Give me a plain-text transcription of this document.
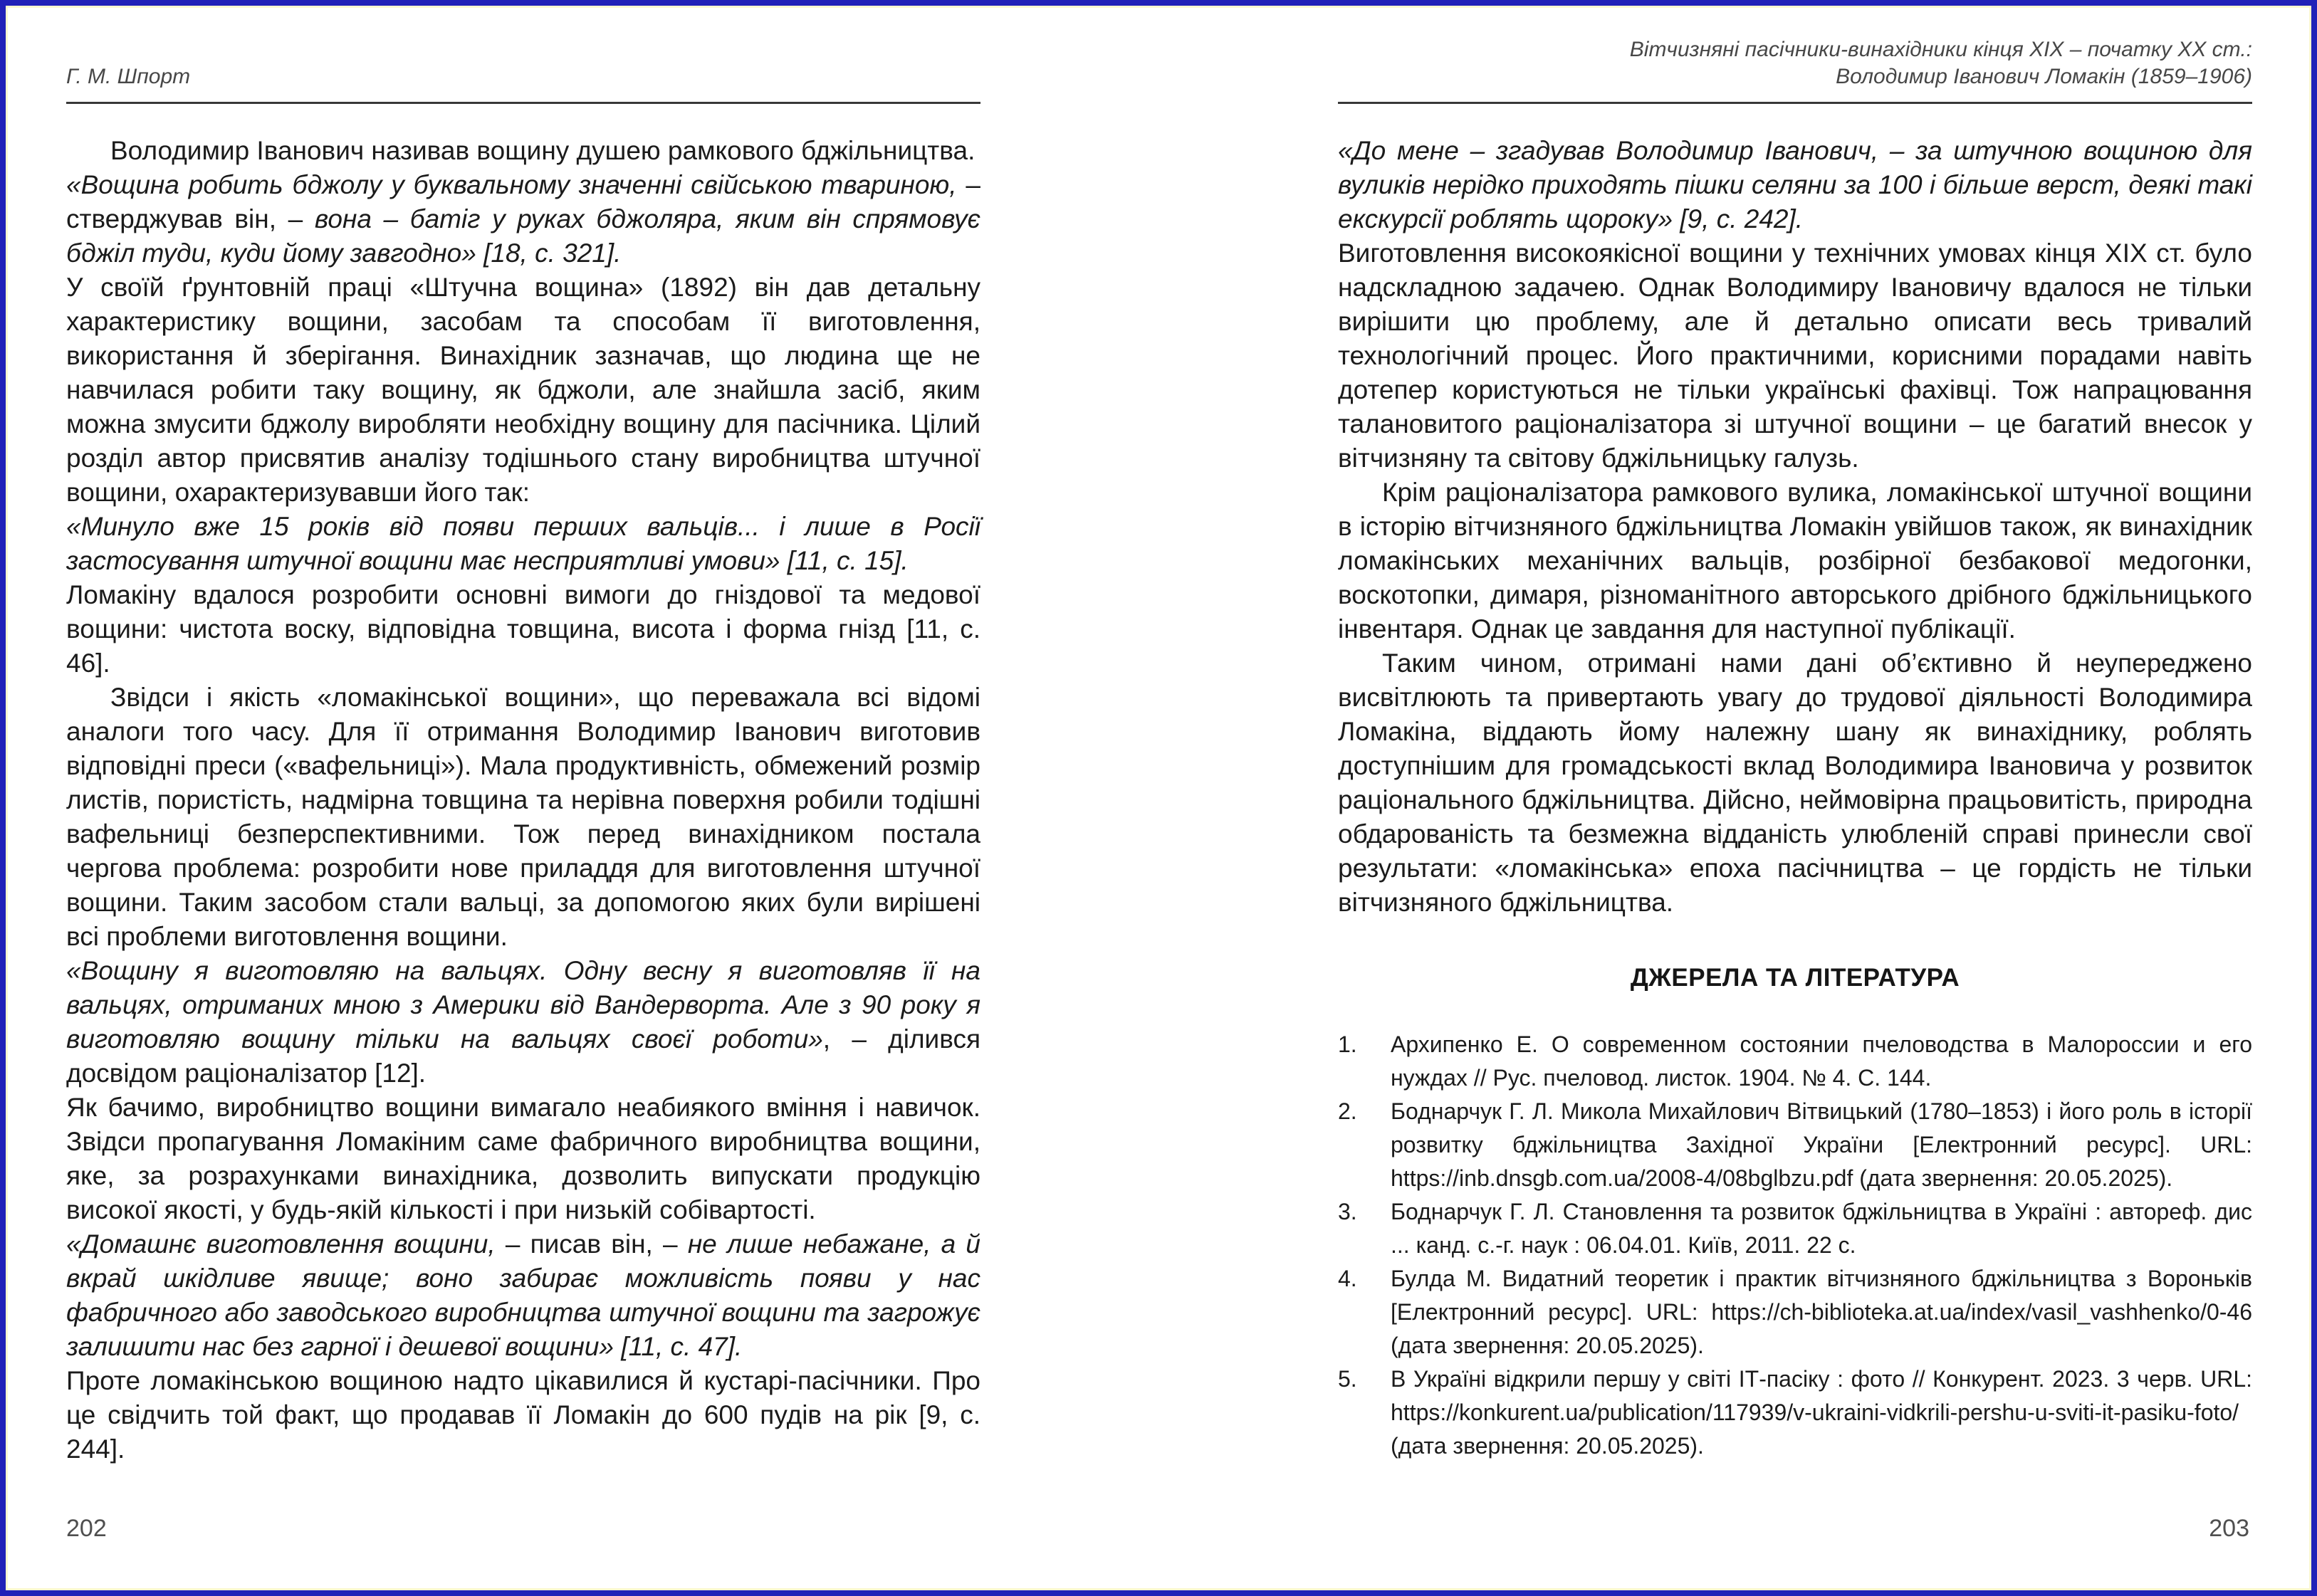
Г. М. Шпорт

Володимир Іванович називав вощину душею рамкового бджільництва.

«Вощина робить бджолу у буквальному значенні свійською твариною, – стверджував він, – вона – батіг у руках бджоляра, яким він спрямовує бджіл туди, куди йому завгодно» [18, с. 321].

У своїй ґрунтовній праці «Штучна вощина» (1892) він дав детальну характеристику вощини, засобам та способам її виготовлення, використання й зберігання. Винахідник зазначав, що людина ще не навчилася робити таку вощину, як бджоли, але знайшла засіб, яким можна змусити бджолу виробляти необхідну вощину для пасічника. Цілий розділ автор присвятив аналізу тодішнього стану виробництва штучної вощини, охарактеризувавши його так:

«Минуло вже 15 років від появи перших вальців... і лише в Росії застосування штучної вощини має несприятливі умови» [11, с. 15].

Ломакіну вдалося розробити основні вимоги до гніздової та медової вощини: чистота воску, відповідна товщина, висота і форма гнізд [11, с. 46].

Звідси і якість «ломакінської вощини», що переважала всі відомі аналоги того часу. Для її отримання Володимир Іванович виготовив відповідні преси («вафельниці»). Мала продуктивність, обмежений розмір листів, пористість, надмірна товщина та нерівна поверхня робили тодішні вафельниці безперспективними. Тож перед винахідником постала чергова проблема: розробити нове приладдя для виготовлення штучної вощини. Таким засобом стали вальці, за допомогою яких були вирішені всі проблеми виготовлення вощини.

«Вощину я виготовляю на вальцях. Одну весну я виготовляв її на вальцях, отриманих мною з Америки від Вандерворта. Але з 90 року я виготовляю вощину тільки на вальцях своєї роботи», – ділився досвідом раціоналізатор [12].

Як бачимо, виробництво вощини вимагало неабиякого вміння і навичок. Звідси пропагування Ломакіним саме фабричного виробництва вощини, яке, за розрахунками винахідника, дозволить випускати продукцію високої якості, у будь-якій кількості і при низькій собівартості.

«Домашнє виготовлення вощини, – писав він, – не лише небажане, а й вкрай шкідливе явище; воно забирає можливість появи у нас фабричного або заводського виробництва штучної вощини та загрожує залишити нас без гарної і дешевої вощини» [11, с. 47].

Проте ломакінською вощиною надто цікавилися й кустарі-пасічники. Про це свідчить той факт, що продавав її Ломакін до 600 пудів на рік [9, с. 244].

202
Вітчизняні пасічники-винахідники кінця XIX – початку XX ст.:
Володимир Іванович Ломакін (1859–1906)

«До мене – згадував Володимир Іванович, – за штучною вощиною для вуликів нерідко приходять пішки селяни за 100 і більше верст, деякі такі екскурсії роблять щороку» [9, с. 242].

Виготовлення високоякісної вощини у технічних умовах кінця XIX ст. було надскладною задачею. Однак Володимиру Івановичу вдалося не тільки вирішити цю проблему, але й детально описати весь тривалий технологічний процес. Його практичними, корисними порадами навіть дотепер користуються не тільки українські фахівці. Тож напрацювання талановитого раціоналізатора зі штучної вощини – це багатий внесок у вітчизняну та світову бджільницьку галузь.

Крім раціоналізатора рамкового вулика, ломакінської штучної вощини в історію вітчизняного бджільництва Ломакін увійшов також, як винахідник ломакінських механічних вальців, розбірної безбакової медогонки, воскотопки, димаря, різноманітного авторського дрібного бджільницького інвентаря. Однак це завдання для наступної публікації.

Таким чином, отримані нами дані об’єктивно й неупереджено висвітлюють та привертають увагу до трудової діяльності Володимира Ломакіна, віддають йому належну шану як винахіднику, роблять доступнішим для громадськості вклад Володимира Івановича у розвиток раціонального бджільництва. Дійсно, неймовірна працьовитість, природна обдарованість та безмежна відданість улюбленій справі принесли свої результати: «ломакінська» епоха пасічництва – це гордість не тільки вітчизняного бджільництва.

ДЖЕРЕЛА ТА ЛІТЕРАТУРА
1.	Архипенко Е. О современном состоянии пчеловодства в Малороссии и его нуждах // Рус. пчеловод. листок. 1904. № 4. С. 144.
2.	Боднарчук Г. Л. Микола Михайлович Вітвицький (1780–1853) і його роль в історії розвитку бджільництва Західної України [Електронний ресурс]. URL: https://inb.dnsgb.com.ua/2008-4/08bglbzu.pdf (дата звернення: 20.05.2025).
3.	Боднарчук Г. Л. Становлення та розвиток бджільництва в Україні : автореф. дис ... канд. с.-г. наук : 06.04.01. Київ, 2011. 22 с.
4.	Булда М. Видатний теоретик і практик вітчизняного бджільництва з Вороньків [Електронний ресурс]. URL: https://ch-biblioteka.at.ua/index/vasil_vashhenko/0-46 (дата звернення: 20.05.2025).
5.	В Україні відкрили першу у світі ІТ-пасіку : фото // Конкурент. 2023. 3 черв. URL: https://konkurent.ua/publication/117939/v-ukraini-vidkrili-pershu-u-sviti-it-pasiku-foto/ (дата звернення: 20.05.2025).
203
